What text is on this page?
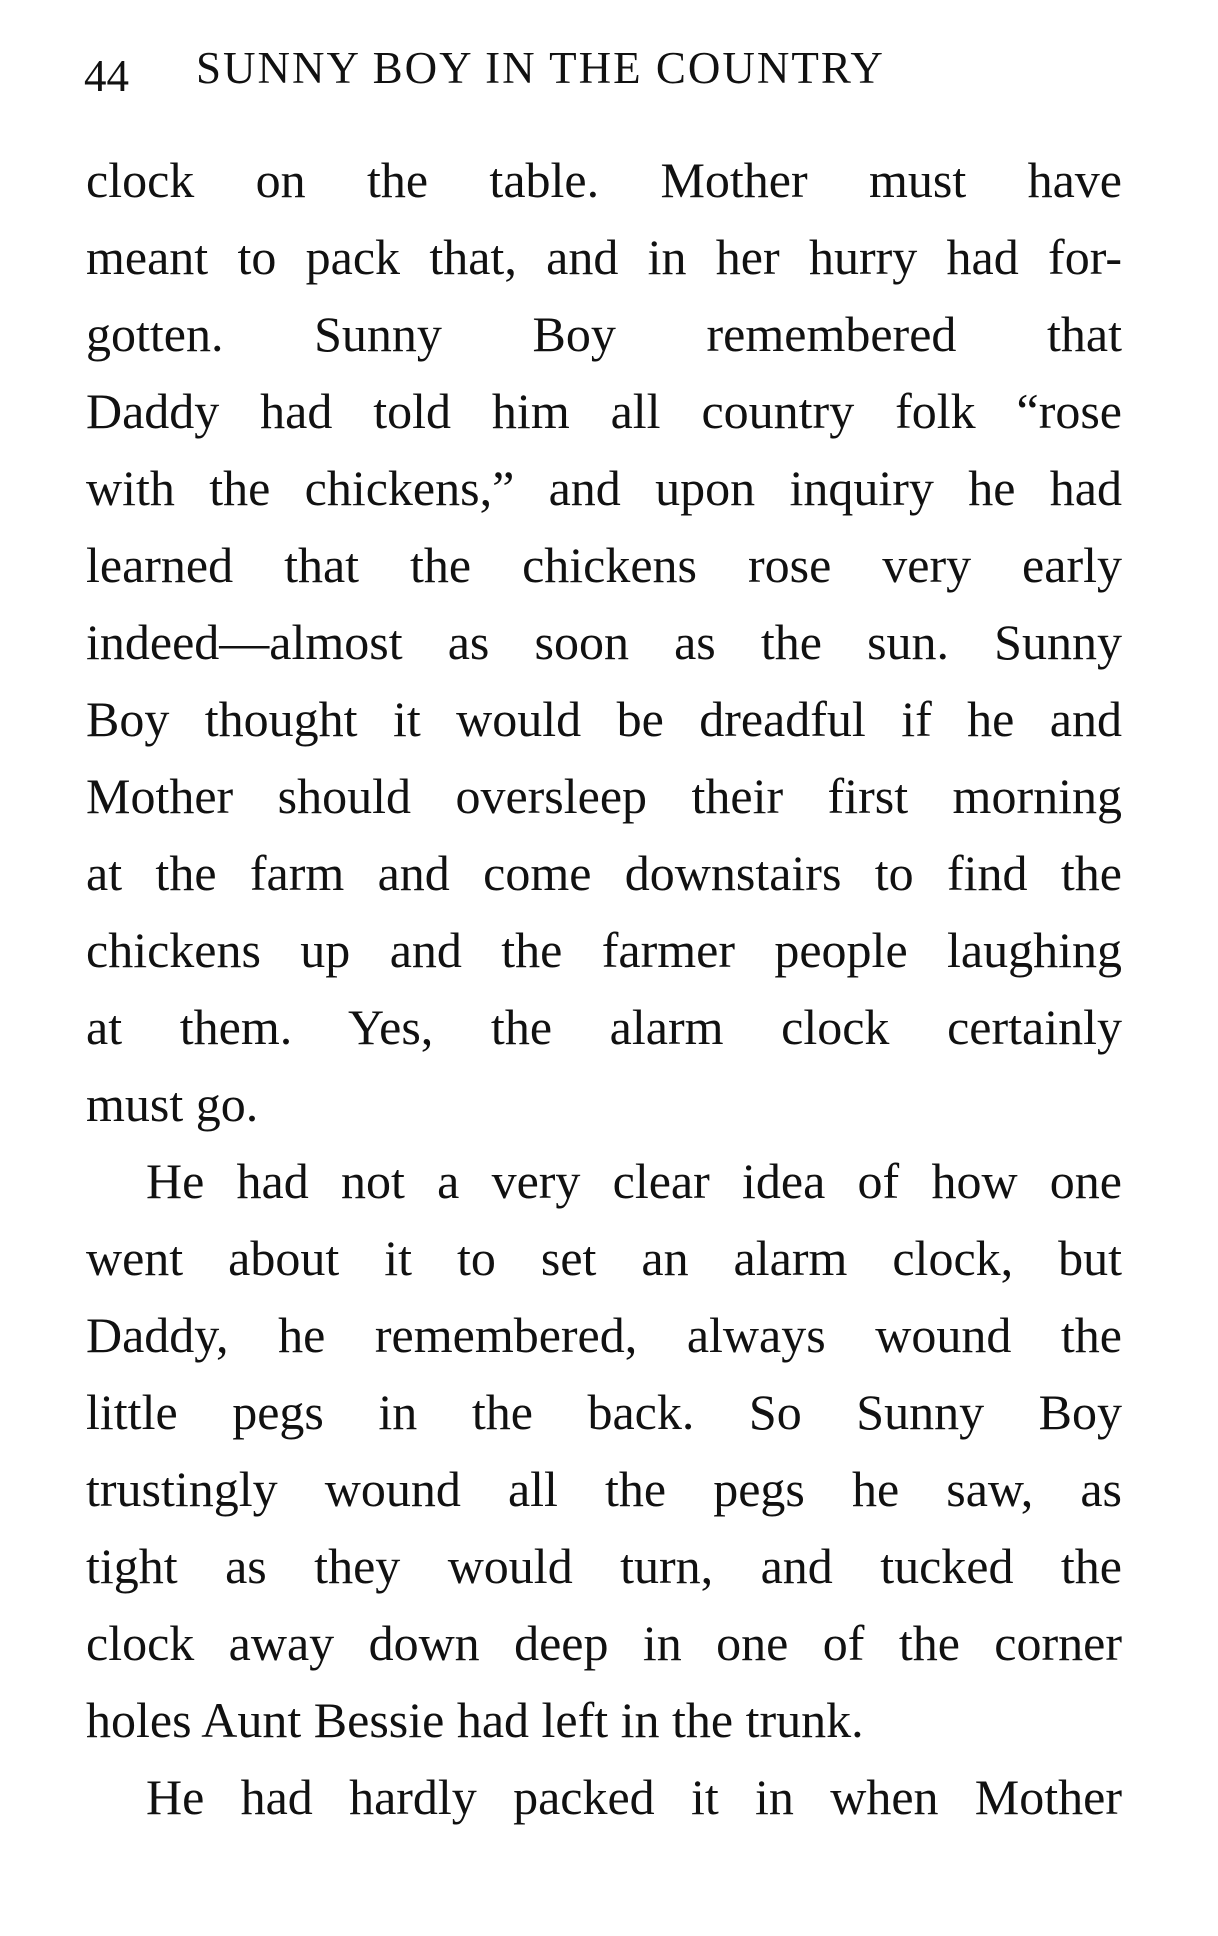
44 SUNNY BOY IN THE COUNTRY
clock on the table. Mother must have
meant to pack that, and in her hurry had for-
gotten. Sunny Boy remembered that
Daddy had told him all country folk “rose
with the chickens,” and upon inquiry he had
learned that the chickens rose very early
indeed—almost as soon as the sun. Sunny
Boy thought it would be dreadful if he and
Mother should oversleep their first morning
at the farm and come downstairs to find the
chickens up and the farmer people laughing
at them. Yes, the alarm clock certainly
must go.
He had not a very clear idea of how one
went about it to set an alarm clock, but
Daddy, he remembered, always wound the
little pegs in the back. So Sunny Boy
trustingly wound all the pegs he saw, as
tight as they would turn, and tucked the
clock away down deep in one of the corner
holes Aunt Bessie had left in the trunk.
He had hardly packed it in when Mother
